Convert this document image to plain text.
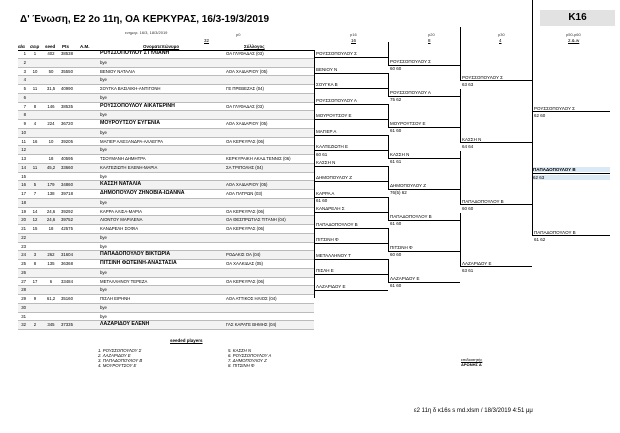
Δ' Ένωση, Ε2 2ο 11η, ΟΑ ΚΕΡΚΥΡΑΣ, 16/3-19/3/2019	K16
ενημερ. 16/3, 18/3/2019
32
p0	p16	p20	p30	p50-p60
16	8	4	2.&.w
α/α σειρ seed Pts Α.Μ.	Ονοματεπώνυμο	Σύλλογος
1	1	402	38538	ΡΟΥΣΣΟΠΟΥΛΟΥ ΣΤΥΛΙΑΝΗ	ΟΑ ΓΛΥΦΑΔΑΣ (03)
2	bye
3	10	50	35550	ΒΕΝΙΟΥ ΝΑΤΑΛΙΑ	ΑΟΑ ΧΑΙΔΑΡΙΟΥ (05)
4	bye
5	11	31,5	40990	ΣΟΥΓΚΑ ΒΑΣΙΛΙΚΗ-ΑΝΤΙΓΟΝΗ	ΓΕ ΠΡΕΒΕΖΑΣ (04)
6	bye
7	8	146	38535	ΡΟΥΣΣΟΠΟΥΛΟΥ ΑΙΚΑΤΕΡΙΝΗ	ΟΑ ΓΛΥΦΑΔΑΣ (03)
8	bye
9	4	224	36720	ΜΟΥΡΟΥΤΣΟΥ ΕΥΓΕΝΙΑ	ΑΟΑ ΧΑΙΔΑΡΙΟΥ (05)
10	bye
11	16	10	39205	ΜΑΓΙΕΡ ΑΛΕΞΑΝΔΡΑ-ΑΛΛΕΓΡΑ	ΟΑ ΚΕΡΚΥΡΑΣ (06)
12	bye
13	18	40595	ΤΣΟΥΜΑΝΗ ΔΗΜΗΤΡΑ	ΚΕΡΚΥΡΑΙΚΗ ΑΚΑΔ ΤΕΝΝΙΣ (06)
14	11	45,2	33660	ΚΑΛΤΕΖΙΩΤΗ ΕΛΕΝΗ-ΜΑΡΙΑ	ΣΑ ΤΡΙΠΟΛΗΣ (04)
15	bye
16	5	179	34860	ΚΑΣΣΗ ΝΑΤΑΛΙΑ	ΑΟΑ ΧΑΙΔΑΡΙΟΥ (05)
17	7	138	39718	ΔΗΜΟΠΟΥΛΟΥ ΖΗΝΟΒΙΑ-ΙΩΑΝΝΑ	ΑΟΑ ΠΑΤΡΩΝ (03)
18	bye
19	14	24,6	39292	ΚΑΡΡΑ ΑΛΙΣΑ-ΜΑΡΙΑ	ΟΑ ΚΕΡΚΥΡΑΣ (06)
20	12	24,6	39752	ΛΙΟΝΤΟΥ ΜΑΡΙΛΕΝΑ	ΟΑ ΘΕΣΠΡΩΤΙΑΣ ΤΙΤΑΝΗ (04)
21	15	18	42575	ΚΑΝΔΡΕΛΗ ΣΟΦΙΑ	ΟΑ ΚΕΡΚΥΡΑΣ (06)
22	bye
23	bye
24	3	262	31604	ΠΑΠΑΔΟΠΟΥΛΟΥ ΒΙΚΤΩΡΙΑ	ΡΟΔΑΚΙΣ ΟΑ (04)
25	8	135	36368	ΠΙΤΣΙΝΗ ΦΩΤΕΙΝΗ-ΑΝΑΣΤΑΣΙΑ	ΟΑ ΧΑΛΚΙΔΑΣ (05)
26	bye
27	17	6	33484	ΜΕΤΑΛΛΗΝΟΥ ΤΕΡΕΖΑ	ΟΑ ΚΕΡΚΥΡΑΣ (06)
28	bye
29	9	61,2	35160	ΠΙΣΛΗ ΕΙΡΗΝΗ	ΑΟΑ ΑΤΤΙΚΟΣ ΗΛΙΟΣ (04)
30	bye
31	bye
32	2	345	37335	ΛΑΖΑΡΙΔΟΥ ΕΛΕΝΗ	ΓΑΣ ΚΑΡΑΤΕ ΒΗΜΗΣ (04)
ΡΟΥΣΣΟΠΟΥΛΟΥ Σ
ΒΕΝΙΟΥ Ν
ΣΟΥΓΚΑ Β
ΡΟΥΣΣΟΠΟΥΛΟΥ Α
ΜΟΥΡΟΥΤΣΟΥ Ε
ΜΑΓΙΕΡ Α
ΚΑΛΤΕΖΙΩΤΗ Ε
60 61
ΚΑΣΣΗ Ν
ΔΗΜΟΠΟΥΛΟΥ Ζ
ΚΑΡΡΑ Α
61 60
ΚΑΝΔΡΕΛΗ Σ
ΠΑΠΑΔΟΠΟΥΛΟΥ Β
ΠΙΤΣΙΝΗ Φ
ΜΕΤΑΛΛΗΝΟΥ Τ
ΠΙΣΛΗ Ε
ΛΑΖΑΡΙΔΟΥ Ε
ΡΟΥΣΣΟΠΟΥΛΟΥ Σ
60 60
ΡΟΥΣΣΟΠΟΥΛΟΥ Α
75 62
ΜΟΥΡΟΥΤΣΟΥ Ε
61 60
ΚΑΣΣΗ Ν
61 61
ΔΗΜΟΠΟΥΛΟΥ Ζ
76(5) 62
ΠΑΠΑΔΟΠΟΥΛΟΥ Β
61 60
ΠΙΤΣΙΝΗ Φ
60 60
ΛΑΖΑΡΙΔΟΥ Ε
61 60
ΡΟΥΣΣΟΠΟΥΛΟΥ Σ
63 63
ΚΑΣΣΗ Ν
64 64
ΠΑΠΑΔΟΠΟΥΛΟΥ Β
60 60
ΛΑΖΑΡΙΔΟΥ Ε
63 61
ΡΟΥΣΣΟΠΟΥΛΟΥ Σ
62 60
ΠΑΠΑΔΟΠΟΥΛΟΥ Β
61 62
ΠΑΠΑΔΟΠΟΥΛΟΥ Β
62 63
seeded players
1. ΡΟΥΣΣΟΠΟΥΛΟΥ Σ
2. ΛΑΖΑΡΙΔΟΥ Ε
3. ΠΑΠΑΔΟΠΟΥΛΟΥ Β
4. ΜΟΥΡΟΥΤΣΟΥ Ε
5. ΚΑΣΣΗ Ν
6. ΡΟΥΣΣΟΠΟΥΛΟΥ Α
7. ΔΗΜΟΠΟΥΛΟΥ Ζ
8. ΠΙΤΣΙΝΗ Φ
επιδιαιτητής
ΑΡΩΝΗΣ Α
ε2 11η δ κ16s s md.xlsm / 18/3/2019 4:51 μμ
